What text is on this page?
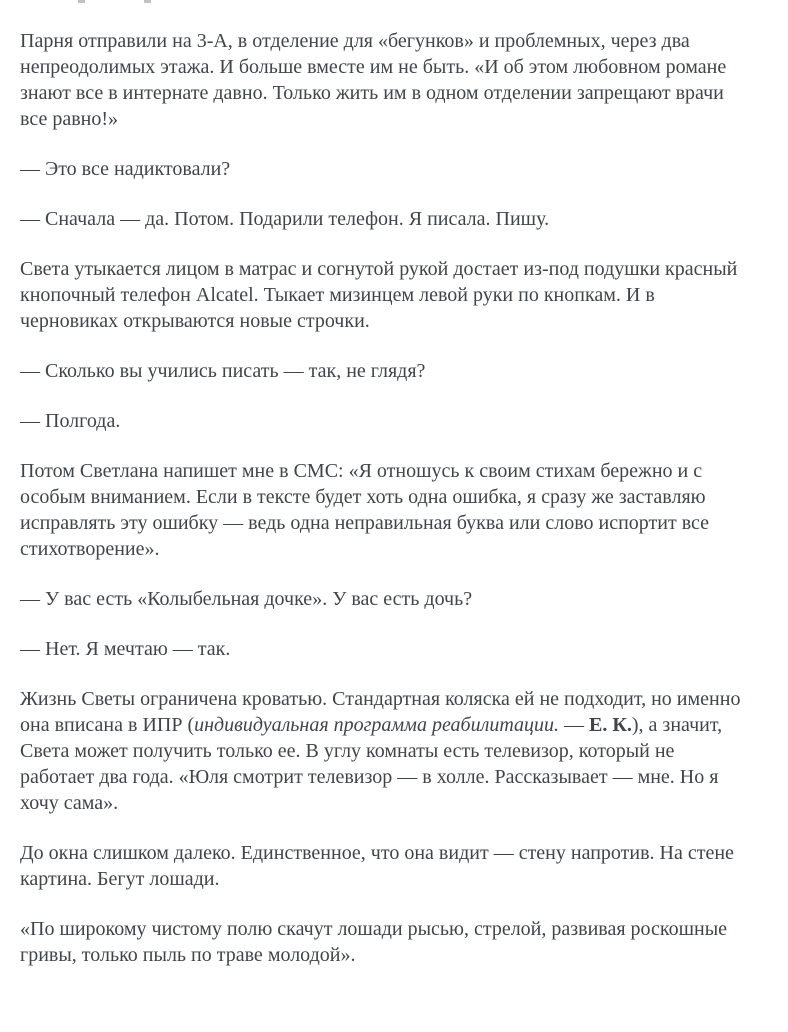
Парня отправили на 3-А, в отделение для «бегунков» и проблемных, через два непреодолимых этажа. И больше вместе им не быть. «И об этом любовном романе знают все в интернате давно. Только жить им в одном отделении запрещают врачи все равно!»

— Это все надиктовали?

— Сначала — да. Потом. Подарили телефон. Я писала. Пишу.

Света утыкается лицом в матрас и согнутой рукой достает из-под подушки красный кнопочный телефон Alcatel. Тыкает мизинцем левой руки по кнопкам. И в черновиках открываются новые строчки.

— Сколько вы учились писать — так, не глядя?

— Полгода.

Потом Светлана напишет мне в СМС: «Я отношусь к своим стихам бережно и с особым вниманием. Если в тексте будет хоть одна ошибка, я сразу же заставляю исправлять эту ошибку — ведь одна неправильная буква или слово испортит все стихотворение».

— У вас есть «Колыбельная дочке». У вас есть дочь?

— Нет. Я мечтаю — так.

Жизнь Светы ограничена кроватью. Стандартная коляска ей не подходит, но именно она вписана в ИПР (индивидуальная программа реабилитации. — Е. К.), а значит, Света может получить только ее. В углу комнаты есть телевизор, который не работает два года. «Юля смотрит телевизор — в холле. Рассказывает — мне. Но я хочу сама».

До окна слишком далеко. Единственное, что она видит — стену напротив. На стене картина. Бегут лошади.

«По широкому чистому полю скачут лошади рысью, стрелой, развивая роскошные гривы, только пыль по траве молодой».
